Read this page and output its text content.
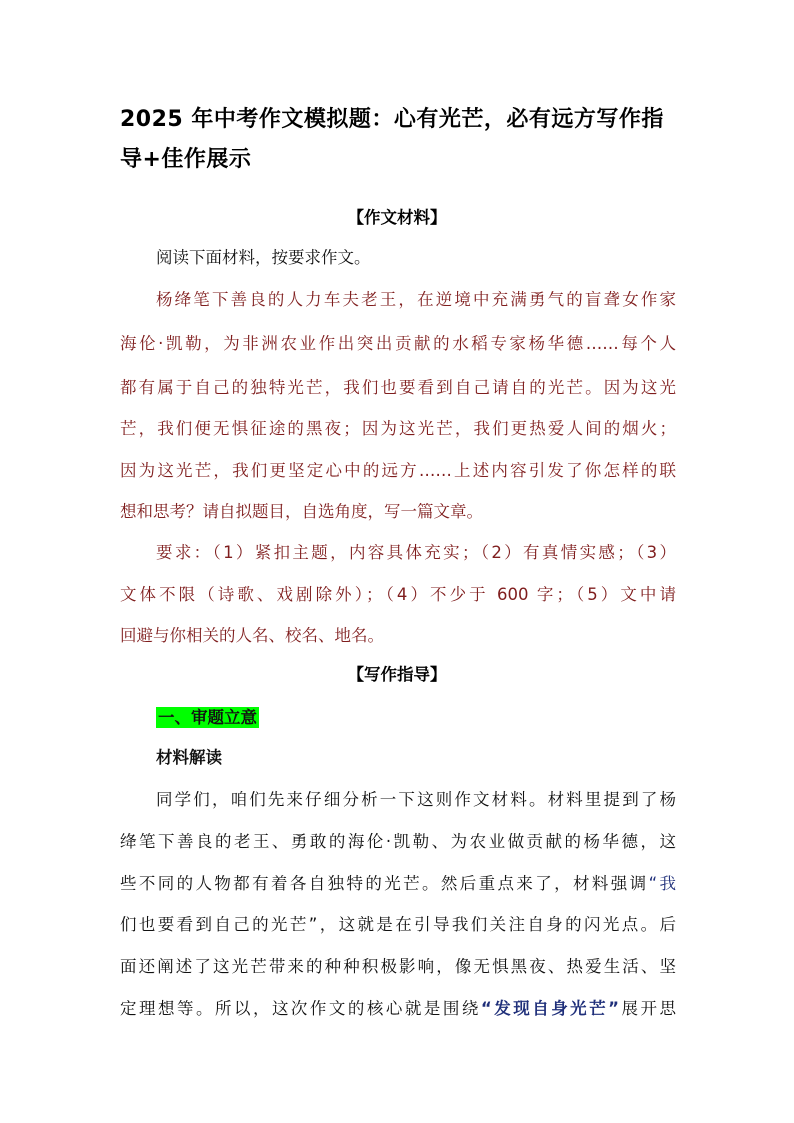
2025 年中考作文模拟题：心有光芒，必有远方写作指
导+佳作展示
【作文材料】
阅读下面材料，按要求作文。
杨绛笔下善良的人力车夫老王，在逆境中充满勇气的盲聋女作家
海伦·凯勒，为非洲农业作出突出贡献的水稻专家杨华德……每个人
都有属于自己的独特光芒，我们也要看到自己请自的光芒。因为这光
芒，我们便无惧征途的黑夜；因为这光芒，我们更热爱人间的烟火；
因为这光芒，我们更坚定心中的远方……上述内容引发了你怎样的联
想和思考？请自拟题目，自选角度，写一篇文章。
要求：（1）紧扣主题，内容具体充实；（2）有真情实感；（3）
文体不限（诗歌、戏剧除外）；（4）不少于 600 字；（5）文中请
回避与你相关的人名、校名、地名。
【写作指导】
一、审题立意
材料解读
同学们，咱们先来仔细分析一下这则作文材料。材料里提到了杨
绛笔下善良的老王、勇敢的海伦·凯勒、为农业做贡献的杨华德，这
些不同的人物都有着各自独特的光芒。然后重点来了，材料强调“我
们也要看到自己的光芒”，这就是在引导我们关注自身的闪光点。后
面还阐述了这光芒带来的种种积极影响，像无惧黑夜、热爱生活、坚
定理想等。所以，这次作文的核心就是围绕“发现自身光芒”展开思
